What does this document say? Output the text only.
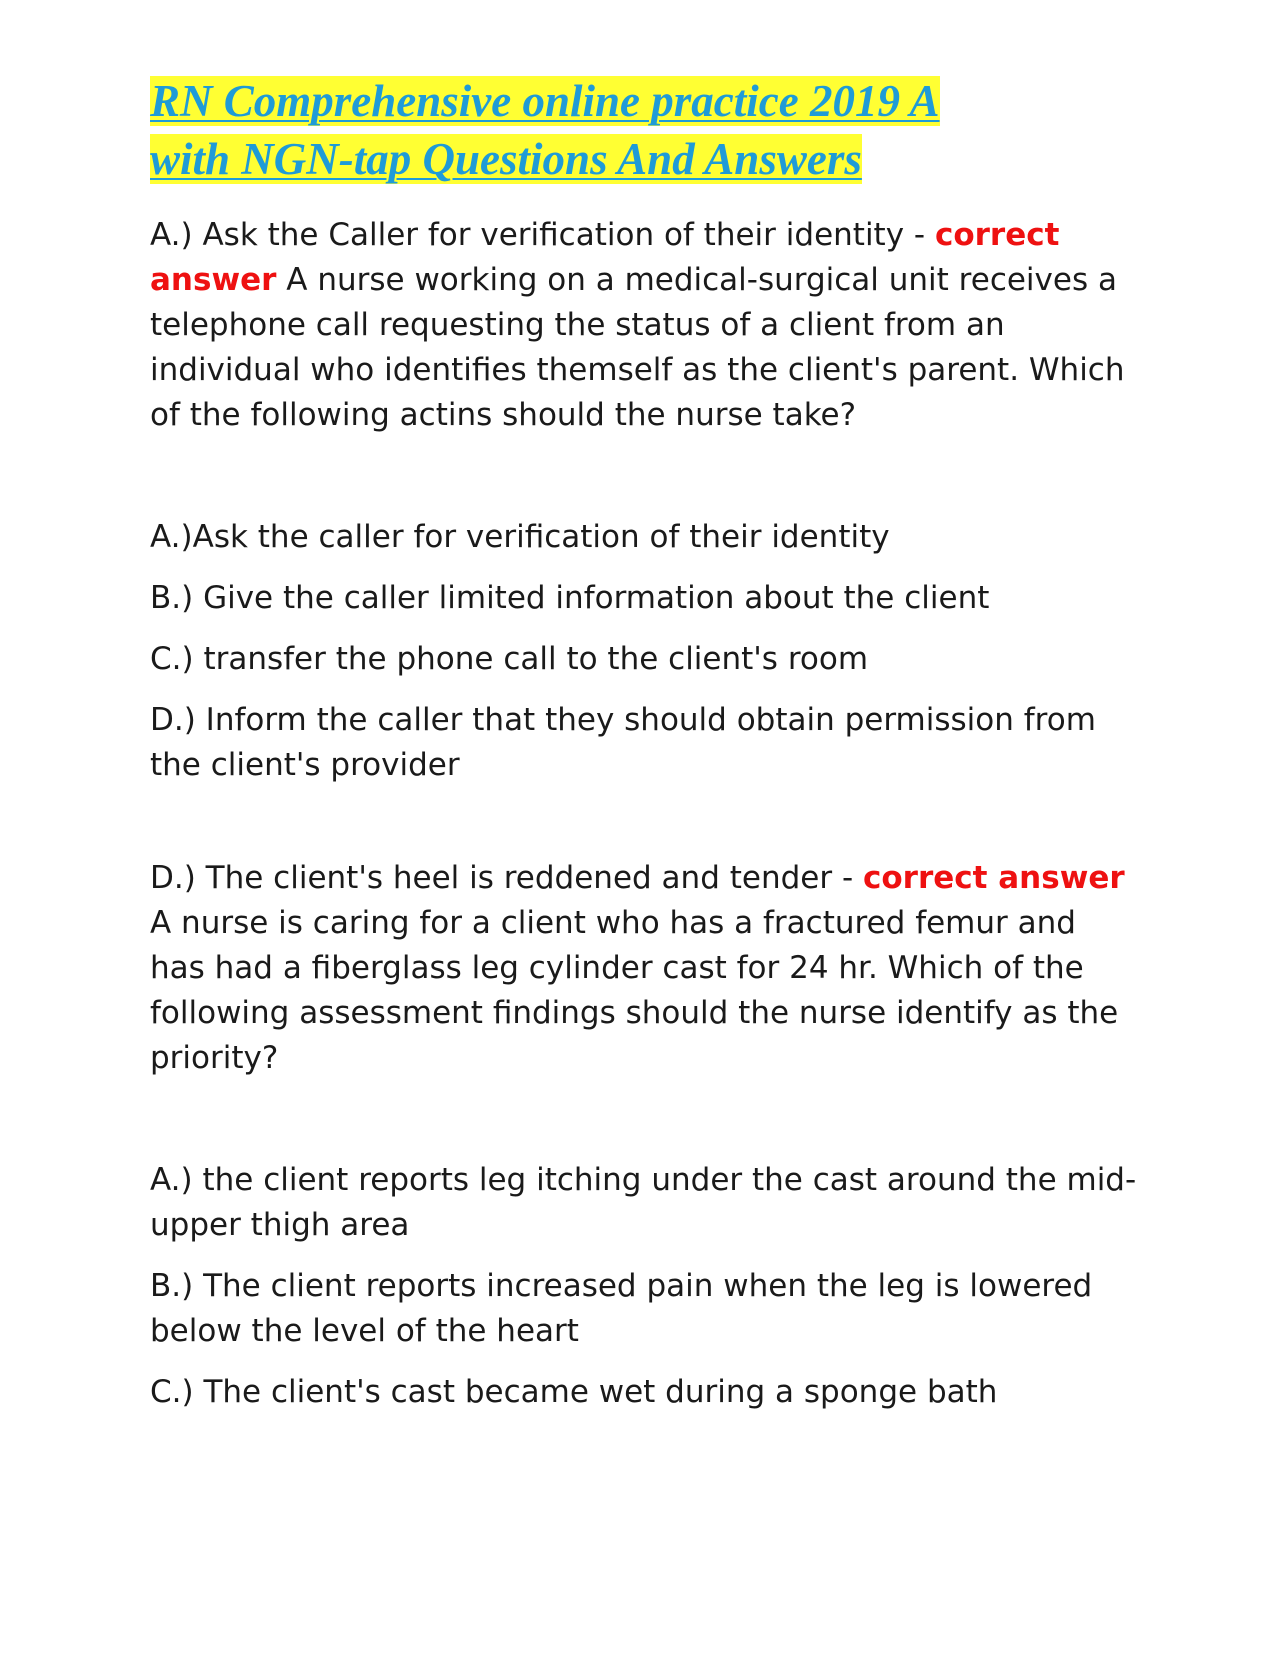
RN Comprehensive online practice 2019 A
with NGN-tap Questions And Answers

A.) Ask the Caller for verification of their identity - correct answer A nurse working on a medical-surgical unit receives a telephone call requesting the status of a client from an individual who identifies themself as the client's parent. Which of the following actins should the nurse take?

A.)Ask the caller for verification of their identity

B.) Give the caller limited information about the client

C.) transfer the phone call to the client's room

D.) Inform the caller that they should obtain permission from the client's provider

D.) The client's heel is reddened and tender - correct answer A nurse is caring for a client who has a fractured femur and has had a fiberglass leg cylinder cast for 24 hr. Which of the following assessment findings should the nurse identify as the priority?

A.) the client reports leg itching under the cast around the mid-upper thigh area

B.) The client reports increased pain when the leg is lowered below the level of the heart

C.) The client's cast became wet during a sponge bath
